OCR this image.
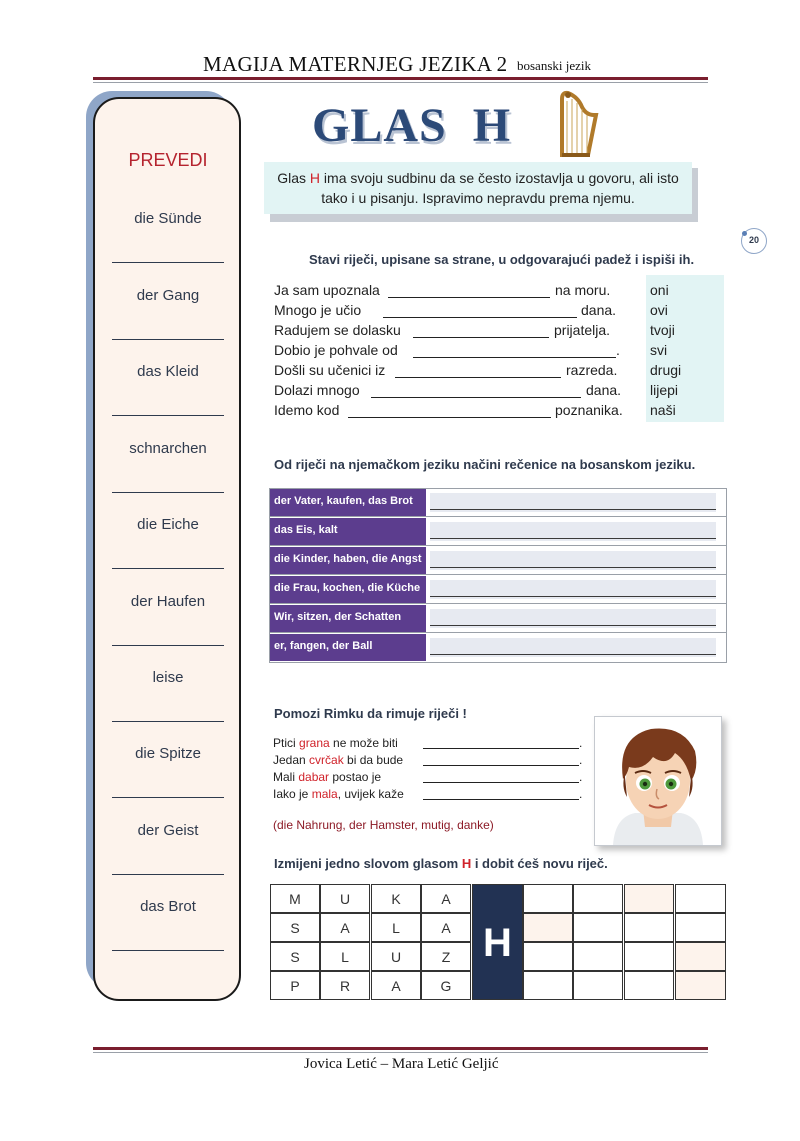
MAGIJA MATERNJEG JEZIKA 2 bosanski jezik
PREVEDI
die Sünde
der Gang
das Kleid
schnarchen
die Eiche
der Haufen
leise
die Spitze
der Geist
das Brot
GLAS  H
Glas H ima svoju sudbinu da se često izostavlja u govoru, ali isto tako i u pisanju. Ispravimo nepravdu prema njemu.
20
Stavi riječi, upisane sa strane, u odgovarajući padež i ispiši ih.
Ja sam upoznala	na moru.
Mnogo je učio	dana.
Radujem se dolasku	prijatelja.
Dobio je pohvale od	.
Došli su učenici iz	razreda.
Dolazi mnogo	dana.
Idemo kod	poznanika.
oni
ovi
tvoji
svi
drugi
lijepi
naši
Od riječi na njemačkom jeziku načini rečenice na bosanskom jeziku.
der Vater, kaufen, das Brot
das Eis, kalt
die Kinder, haben, die Angst
die Frau, kochen, die Küche
Wir, sitzen, der Schatten
er, fangen, der Ball
Pomozi Rimku da rimuje riječi !
Ptici grana ne može biti	.
Jedan cvrčak bi da bude	.
Mali dabar postao je	.
Iako je mala, uvijek kaže	.
(die Nahrung, der Hamster, mutig, danke)
Izmijeni jedno slovom glasom H i dobit ćeš novu riječ.
M	U	K	A
S	A	L	A
S	L	U	Z
P	R	A	G
H
Jovica Letić – Mara Letić Geljić
